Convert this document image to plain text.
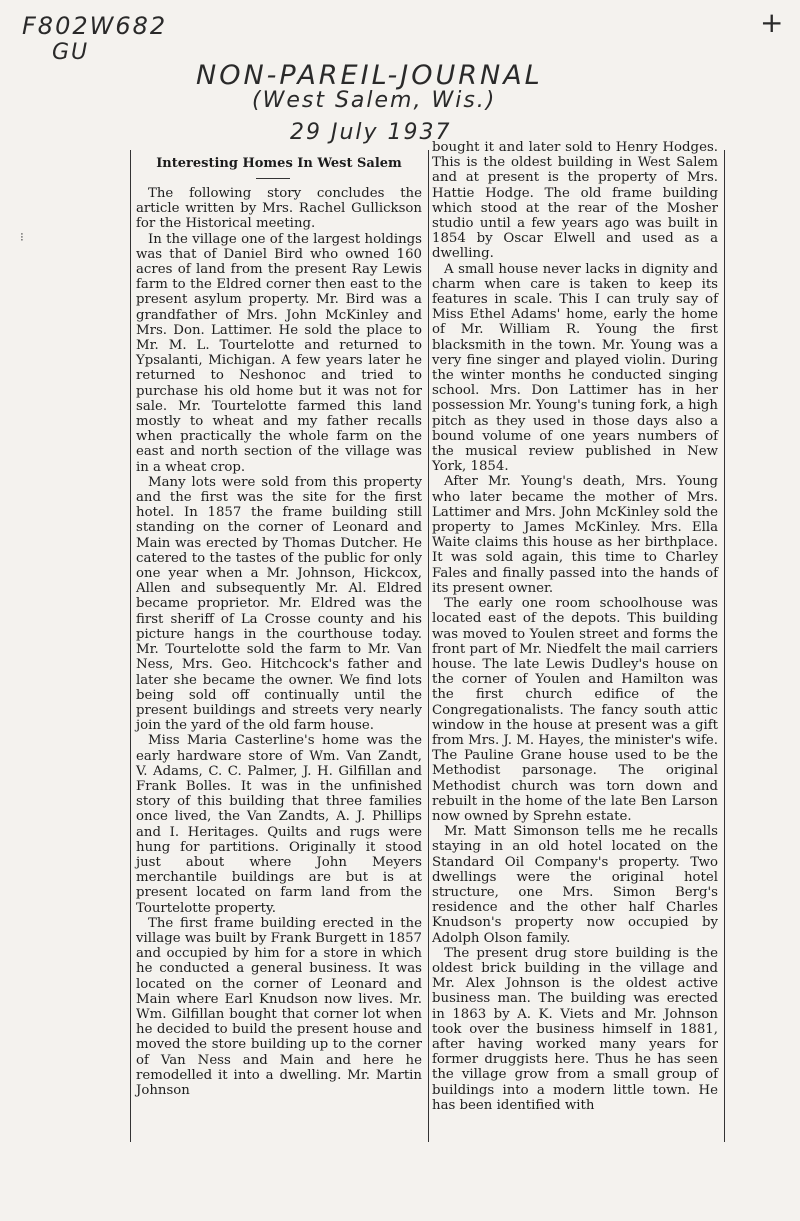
F802W682
GU
+
NON-PAREIL-JOURNAL
(West Salem, Wis.)
29 July 1937
Interesting Homes In West Salem

The following story concludes the article written by Mrs. Rachel Gullickson for the Historical meeting.

In the village one of the largest holdings was that of Daniel Bird who owned 160 acres of land from the present Ray Lewis farm to the Eldred corner then east to the present asylum property. Mr. Bird was a grandfather of Mrs. John McKinley and Mrs. Don. Lattimer. He sold the place to Mr. M. L. Tourtelotte and returned to Ypsalanti, Michigan. A few years later he returned to Neshonoc and tried to purchase his old home but it was not for sale. Mr. Tourtelotte farmed this land mostly to wheat and my father recalls when practically the whole farm on the east and north section of the village was in a wheat crop.

Many lots were sold from this property and the first was the site for the first hotel. In 1857 the frame building still standing on the corner of Leonard and Main was erected by Thomas Dutcher. He catered to the tastes of the public for only one year when a Mr. Johnson, Hickcox, Allen and subsequently Mr. Al. Eldred became proprietor. Mr. Eldred was the first sheriff of La Crosse county and his picture hangs in the courthouse today. Mr. Tourtelotte sold the farm to Mr. Van Ness, Mrs. Geo. Hitchcock's father and later she became the owner. We find lots being sold off continually until the present buildings and streets very nearly join the yard of the old farm house.

Miss Maria Casterline's home was the early hardware store of Wm. Van Zandt, V. Adams, C. C. Palmer, J. H. Gilfillan and Frank Bolles. It was in the unfinished story of this building that three families once lived, the Van Zandts, A. J. Phillips and I. Heritages. Quilts and rugs were hung for partitions. Originally it stood just about where John Meyers merchantile buildings are but is at present located on farm land from the Tourtelotte property.

The first frame building erected in the village was built by Frank Burgett in 1857 and occupied by him for a store in which he conducted a general business. It was located on the corner of Leonard and Main where Earl Knudson now lives. Mr. Wm. Gilfillan bought that corner lot when he decided to build the present house and moved the store building up to the corner of Van Ness and Main and here he remodelled it into a dwelling. Mr. Martin Johnson

bought it and later sold to Henry Hodges. This is the oldest building in West Salem and at present is the property of Mrs. Hattie Hodge. The old frame building which stood at the rear of the Mosher studio until a few years ago was built in 1854 by Oscar Elwell and used as a dwelling.

A small house never lacks in dignity and charm when care is taken to keep its features in scale. This I can truly say of Miss Ethel Adams' home, early the home of Mr. William R. Young the first blacksmith in the town. Mr. Young was a very fine singer and played violin. During the winter months he conducted singing school. Mrs. Don Lattimer has in her possession Mr. Young's tuning fork, a high pitch as they used in those days also a bound volume of one years numbers of the musical review published in New York, 1854.

After Mr. Young's death, Mrs. Young who later became the mother of Mrs. Lattimer and Mrs. John McKinley sold the property to James McKinley. Mrs. Ella Waite claims this house as her birthplace. It was sold again, this time to Charley Fales and finally passed into the hands of its present owner.

The early one room schoolhouse was located east of the depots. This building was moved to Youlen street and forms the front part of Mr. Niedfelt the mail carriers house. The late Lewis Dudley's house on the corner of Youlen and Hamilton was the first church edifice of the Congregationalists. The fancy south attic window in the house at present was a gift from Mrs. J. M. Hayes, the minister's wife. The Pauline Grane house used to be the Methodist parsonage. The original Methodist church was torn down and rebuilt in the home of the late Ben Larson now owned by Sprehn estate.

Mr. Matt Simonson tells me he recalls staying in an old hotel located on the Standard Oil Company's property. Two dwellings were the original hotel structure, one Mrs. Simon Berg's residence and the other half Charles Knudson's property now occupied by Adolph Olson family.

The present drug store building is the oldest brick building in the village and Mr. Alex Johnson is the oldest active business man. The building was erected in 1863 by A. K. Viets and Mr. Johnson took over the business himself in 1881, after having worked many years for former druggists here. Thus he has seen the village grow from a small group of buildings into a modern little town. He has been identified with

⁝
